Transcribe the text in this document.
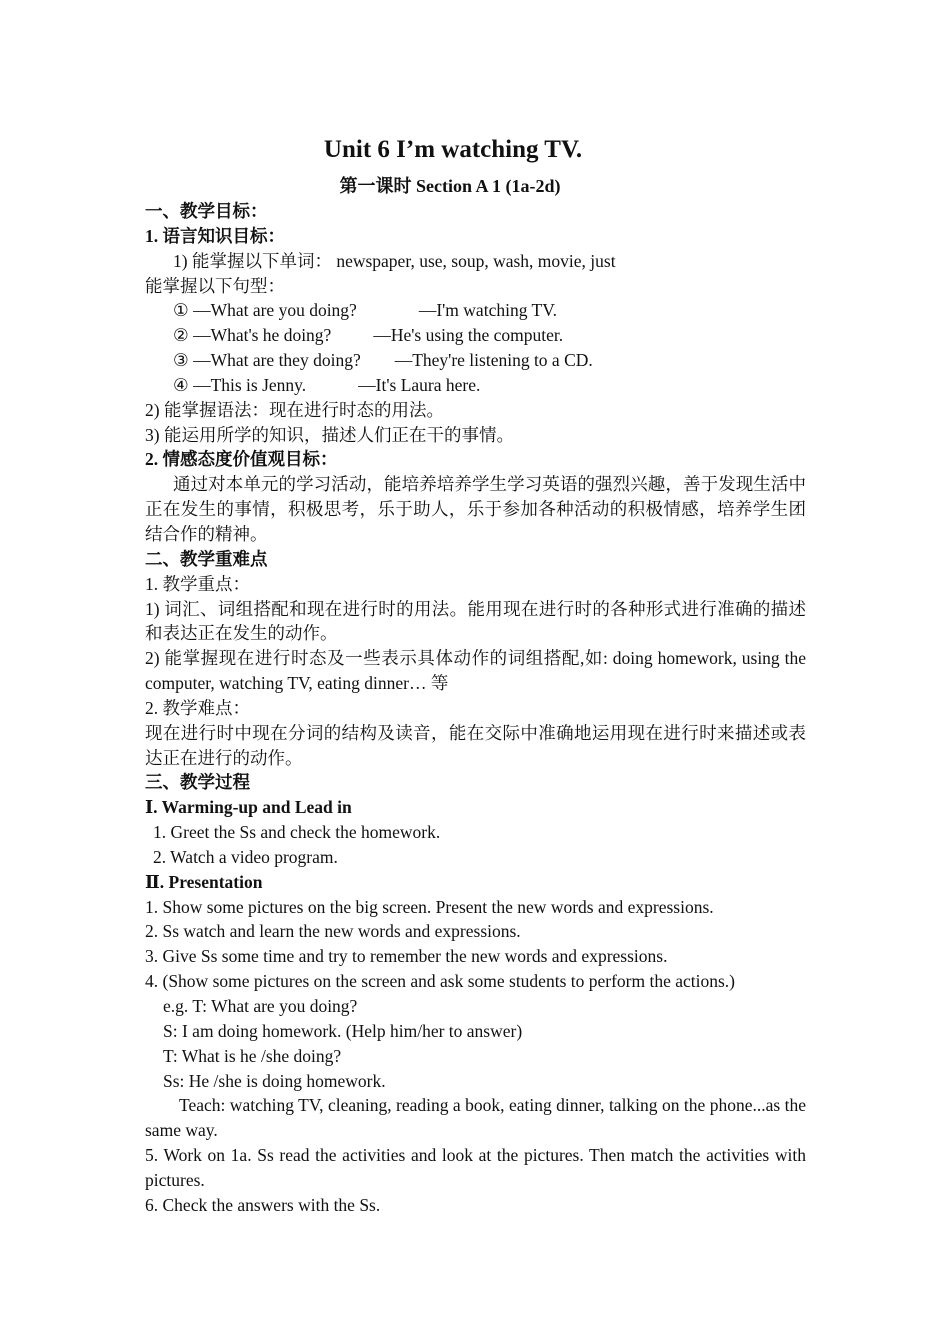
Unit 6 I’m watching TV.
第一课时 Section A 1 (1a-2d)

一、教学目标：

1. 语言知识目标：

1) 能掌握以下单词： newspaper, use, soup, wash, movie, just

能掌握以下句型：

① —What are you doing?	—I'm watching TV.

② —What's he doing? —He's using the computer.

③ —What are they doing? —They're listening to a CD.

④ —This is Jenny.	—It's Laura here.

2) 能掌握语法：现在进行时态的用法。

3) 能运用所学的知识，描述人们正在干的事情。

2. 情感态度价值观目标：

通过对本单元的学习活动，能培养培养学生学习英语的强烈兴趣，善于发现生活中正在发生的事情，积极思考，乐于助人，乐于参加各种活动的积极情感，培养学生团结合作的精神。

二、教学重难点

1. 教学重点：

1) 词汇、词组搭配和现在进行时的用法。能用现在进行时的各种形式进行准确的描述和表达正在发生的动作。

2) 能掌握现在进行时态及一些表示具体动作的词组搭配,如: doing homework, using the computer, watching TV, eating dinner… 等

2. 教学难点：

现在进行时中现在分词的结构及读音，能在交际中准确地运用现在进行时来描述或表达正在进行的动作。

三、教学过程

Ⅰ. Warming-up and Lead in

1. Greet the Ss and check the homework.

2. Watch a video program.

Ⅱ. Presentation

1. Show some pictures on the big screen. Present the new words and expressions.

2. Ss watch and learn the new words and expressions.

3. Give Ss some time and try to remember the new words and expressions.

4. (Show some pictures on the screen and ask some students to perform the actions.)

e.g. T: What are you doing?

S: I am doing homework. (Help him/her to answer)

T: What is he /she doing?

Ss: He /she is doing homework.

Teach: watching TV, cleaning, reading a book, eating dinner, talking on the phone...as the same way.

5. Work on 1a. Ss read the activities and look at the pictures. Then match the activities with pictures.

6. Check the answers with the Ss.
